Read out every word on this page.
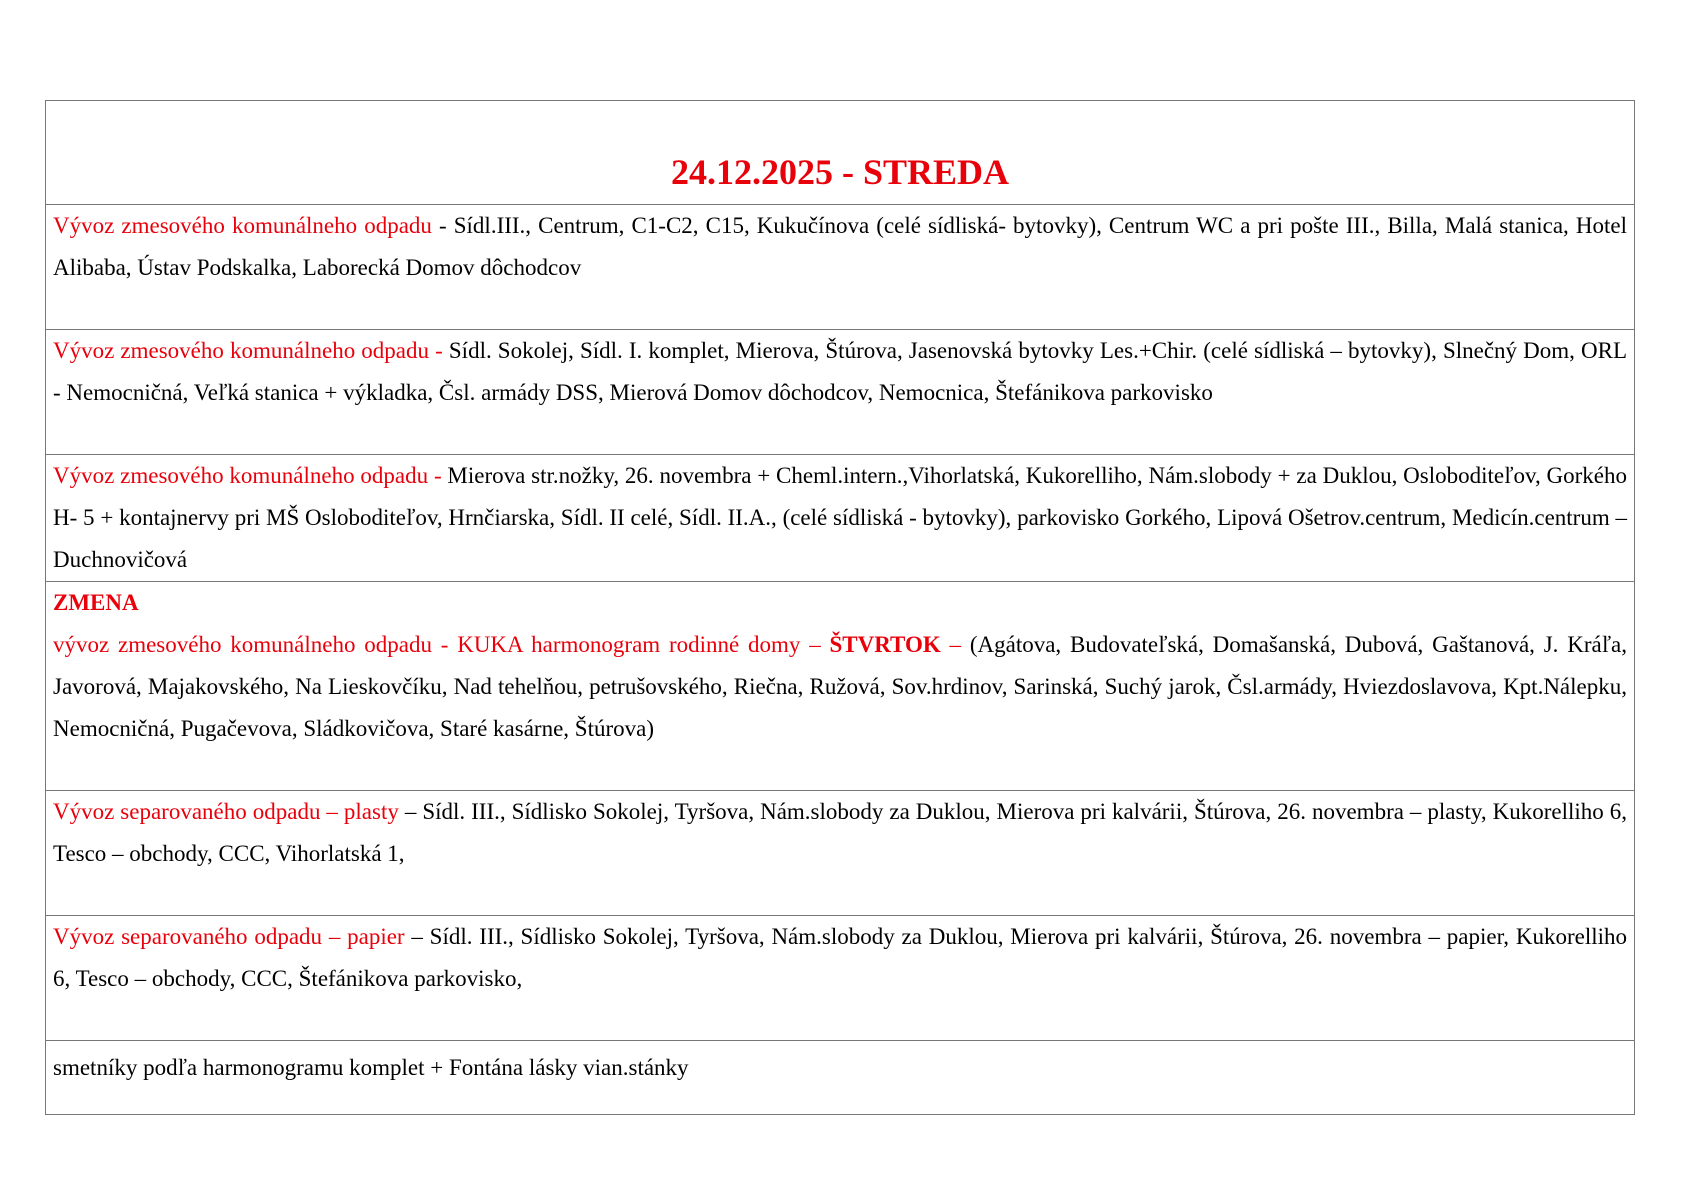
24.12.2025 - STREDA
Vývoz zmesového komunálneho odpadu - Sídl.III., Centrum, C1-C2, C15, Kukučínova (celé sídliská- bytovky), Centrum WC a pri pošte III., Billa, Malá stanica, Hotel Alibaba, Ústav Podskalka, Laborecká Domov dôchodcov
Vývoz zmesového komunálneho odpadu - Sídl. Sokolej, Sídl. I. komplet, Mierova, Štúrova, Jasenovská bytovky Les.+Chir. (celé sídliská – bytovky), Slnečný Dom, ORL - Nemocničná, Veľká stanica + výkladka, Čsl. armády DSS, Mierová Domov dôchodcov, Nemocnica, Štefánikova parkovisko
Vývoz zmesového komunálneho odpadu - Mierova str.nožky, 26. novembra + Cheml.intern.,Vihorlatská, Kukorelliho, Nám.slobody + za Duklou, Osloboditeľov, Gorkého H- 5 + kontajnervy pri MŠ Osloboditeľov, Hrnčiarska, Sídl. II celé, Sídl. II.A., (celé sídliská - bytovky), parkovisko Gorkého, Lipová Ošetrov.centrum, Medicín.centrum – Duchnovičová

ZMENA
vývoz zmesového komunálneho odpadu - KUKA harmonogram rodinné domy – ŠTVRTOK – (Agátova, Budovateľská, Domašanská, Dubová, Gaštanová, J. Kráľa, Javorová, Majakovského, Na Lieskovčíku, Nad tehelňou, petrušovského, Riečna, Ružová, Sov.hrdinov, Sarinská, Suchý jarok, Čsl.armády, Hviezdoslavova, Kpt.Nálepku, Nemocničná, Pugačevova, Sládkovičova, Staré kasárne, Štúrova)
Vývoz separovaného odpadu – plasty – Sídl. III., Sídlisko Sokolej, Tyršova, Nám.slobody za Duklou, Mierova pri kalvárii, Štúrova, 26. novembra – plasty, Kukorelliho 6, Tesco – obchody, CCC, Vihorlatská 1,
Vývoz separovaného odpadu – papier – Sídl. III., Sídlisko Sokolej, Tyršova, Nám.slobody za Duklou, Mierova pri kalvárii, Štúrova, 26. novembra – papier, Kukorelliho 6, Tesco – obchody, CCC, Štefánikova parkovisko,

smetníky podľa harmonogramu komplet + Fontána lásky vian.stánky
